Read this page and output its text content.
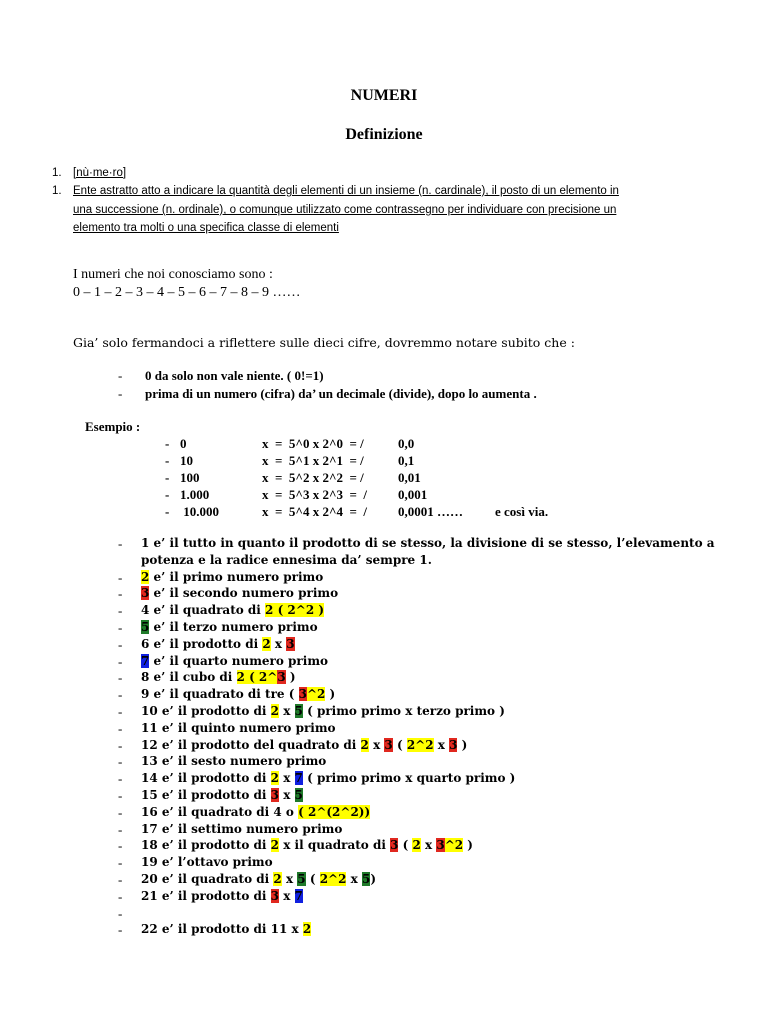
NUMERI
Definizione
1. [nù·me·ro]
1. Ente astratto atto a indicare la quantità degli elementi di un insieme (n. cardinale), il posto di un elemento in
una successione (n. ordinale), o comunque utilizzato come contrassegno per individuare con precisione un
elemento tra molti o una specifica classe di elementi
I numeri che noi conosciamo sono :
0 – 1 – 2 – 3 – 4 – 5 – 6 – 7 – 8 – 9 ……
Gia’ solo fermandoci a riflettere sulle dieci cifre, dovremmo notare subito che :
- 0 da solo non vale niente. ( 0!=1)
- prima di un numero (cifra) da’ un decimale (divide), dopo lo aumenta .
Esempio :
- 0	x  =  5^0 x 2^0  = /	0,0
- 10	x  =  5^1 x 2^1  = /	0,1
- 100	x  =  5^2 x 2^2  = /	0,01
- 1.000	x  =  5^3 x 2^3  =  / 0,001
- 10.000	x  =  5^4 x 2^4  =  / 0,0001 …… e così via.
- 1 e’ il tutto in quanto il prodotto di se stesso, la divisione di se stesso, l’elevamento a
potenza e la radice ennesima da’ sempre 1.
- 2 e’ il primo numero primo
- 3 e’ il secondo numero primo
- 4 e’ il quadrato di 2 ( 2^2 )
- 5 e’ il terzo numero primo
- 6 e’ il prodotto di 2 x 3
- 7 e’ il quarto numero primo
- 8 e’ il cubo di 2 ( 2^3 )
- 9 e’ il quadrato di tre ( 3^2 )
- 10 e’ il prodotto di 2 x 5 ( primo primo x terzo primo )
- 11 e’ il quinto numero primo
- 12 e’ il prodotto del quadrato di 2 x 3 ( 2^2 x 3 )
- 13 e’ il sesto numero primo
- 14 e’ il prodotto di 2 x 7 ( primo primo x quarto primo )
- 15 e’ il prodotto di 3 x 5
- 16 e’ il quadrato di 4 o ( 2^(2^2))
- 17 e’ il settimo numero primo
- 18 e’ il prodotto di 2 x il quadrato di 3 ( 2 x 3^2 )
- 19 e’ l’ottavo primo
- 20 e’ il quadrato di 2 x 5 ( 2^2 x 5)
- 21 e’ il prodotto di 3 x 7
-
- 22 e’ il prodotto di 11 x 2
